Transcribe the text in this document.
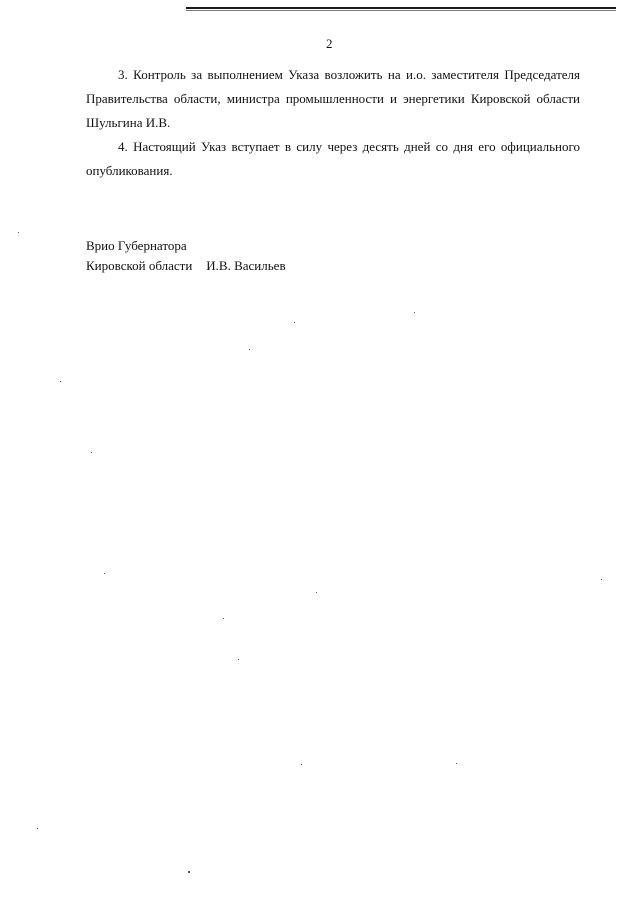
2

3. Контроль за выполнением Указа возложить на и.о. заместителя Председателя Правительства области, министра промышленности и энергетики Кировской области Шульгина И.В.

4. Настоящий Указ вступает в силу через десять дней со дня его официального опубликования.

Врио Губернатора
Кировской области И.В. Васильев
